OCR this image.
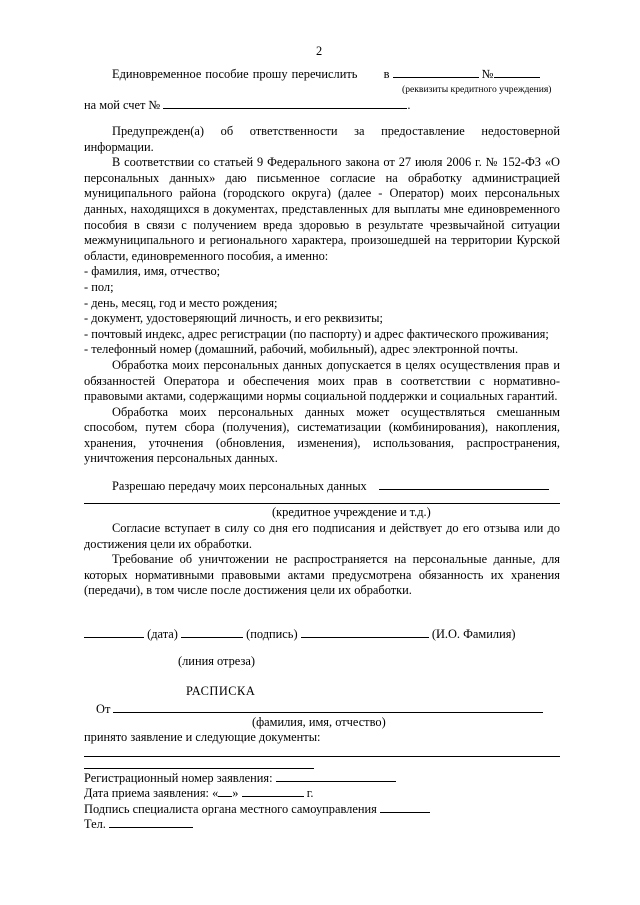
2
Единовременное пособие прошу перечислить в	№
(реквизиты кредитного учреждения)
на мой счет №	.

Предупрежден(а) об ответственности за предоставление недостоверной информации.

В соответствии со статьей 9 Федерального закона от 27 июля 2006 г. № 152-ФЗ «О персональных данных» даю письменное согласие на обработку администрацией муниципального района (городского округа) (далее - Оператор) моих персональных данных, находящихся в документах, представленных для выплаты мне единовременного пособия в связи с получением вреда здоровью в результате чрезвычайной ситуации межмуниципального и регионального характера, произошедшей на территории Курской области, единовременного пособия, а именно:

- фамилия, имя, отчество;

- пол;

- день, месяц, год и место рождения;

- документ, удостоверяющий личность, и его реквизиты;

- почтовый индекс, адрес регистрации (по паспорту) и адрес фактического проживания;

- телефонный номер (домашний, рабочий, мобильный), адрес электронной почты.

Обработка моих персональных данных допускается в целях осуществления прав и обязанностей Оператора и обеспечения моих прав в соответствии с нормативно-правовыми актами, содержащими нормы социальной поддержки и социальных гарантий.

Обработка моих персональных данных может осуществляться смешанным способом, путем сбора (получения), систематизации (комбинирования), накопления, хранения, уточнения (обновления, изменения), использования, распространения, уничтожения персональных данных.

Разрешаю передачу моих персональных данных
(кредитное учреждение и т.д.)

Согласие вступает в силу со дня его подписания и действует до его отзыва или до достижения цели их обработки.

Требование об уничтожении не распространяется на персональные данные, для которых нормативными правовыми актами предусмотрена обязанность их хранения (передачи), в том числе после достижения цели их обработки.

(дата)	(подпись)	(И.О. Фамилия)
(линия отреза)
РАСПИСКА
От
(фамилия, имя, отчество)
принято заявление и следующие документы:
Регистрационный номер заявления:
Дата приема заявления: « »	г.
Подпись специалиста органа местного самоуправления
Тел.
